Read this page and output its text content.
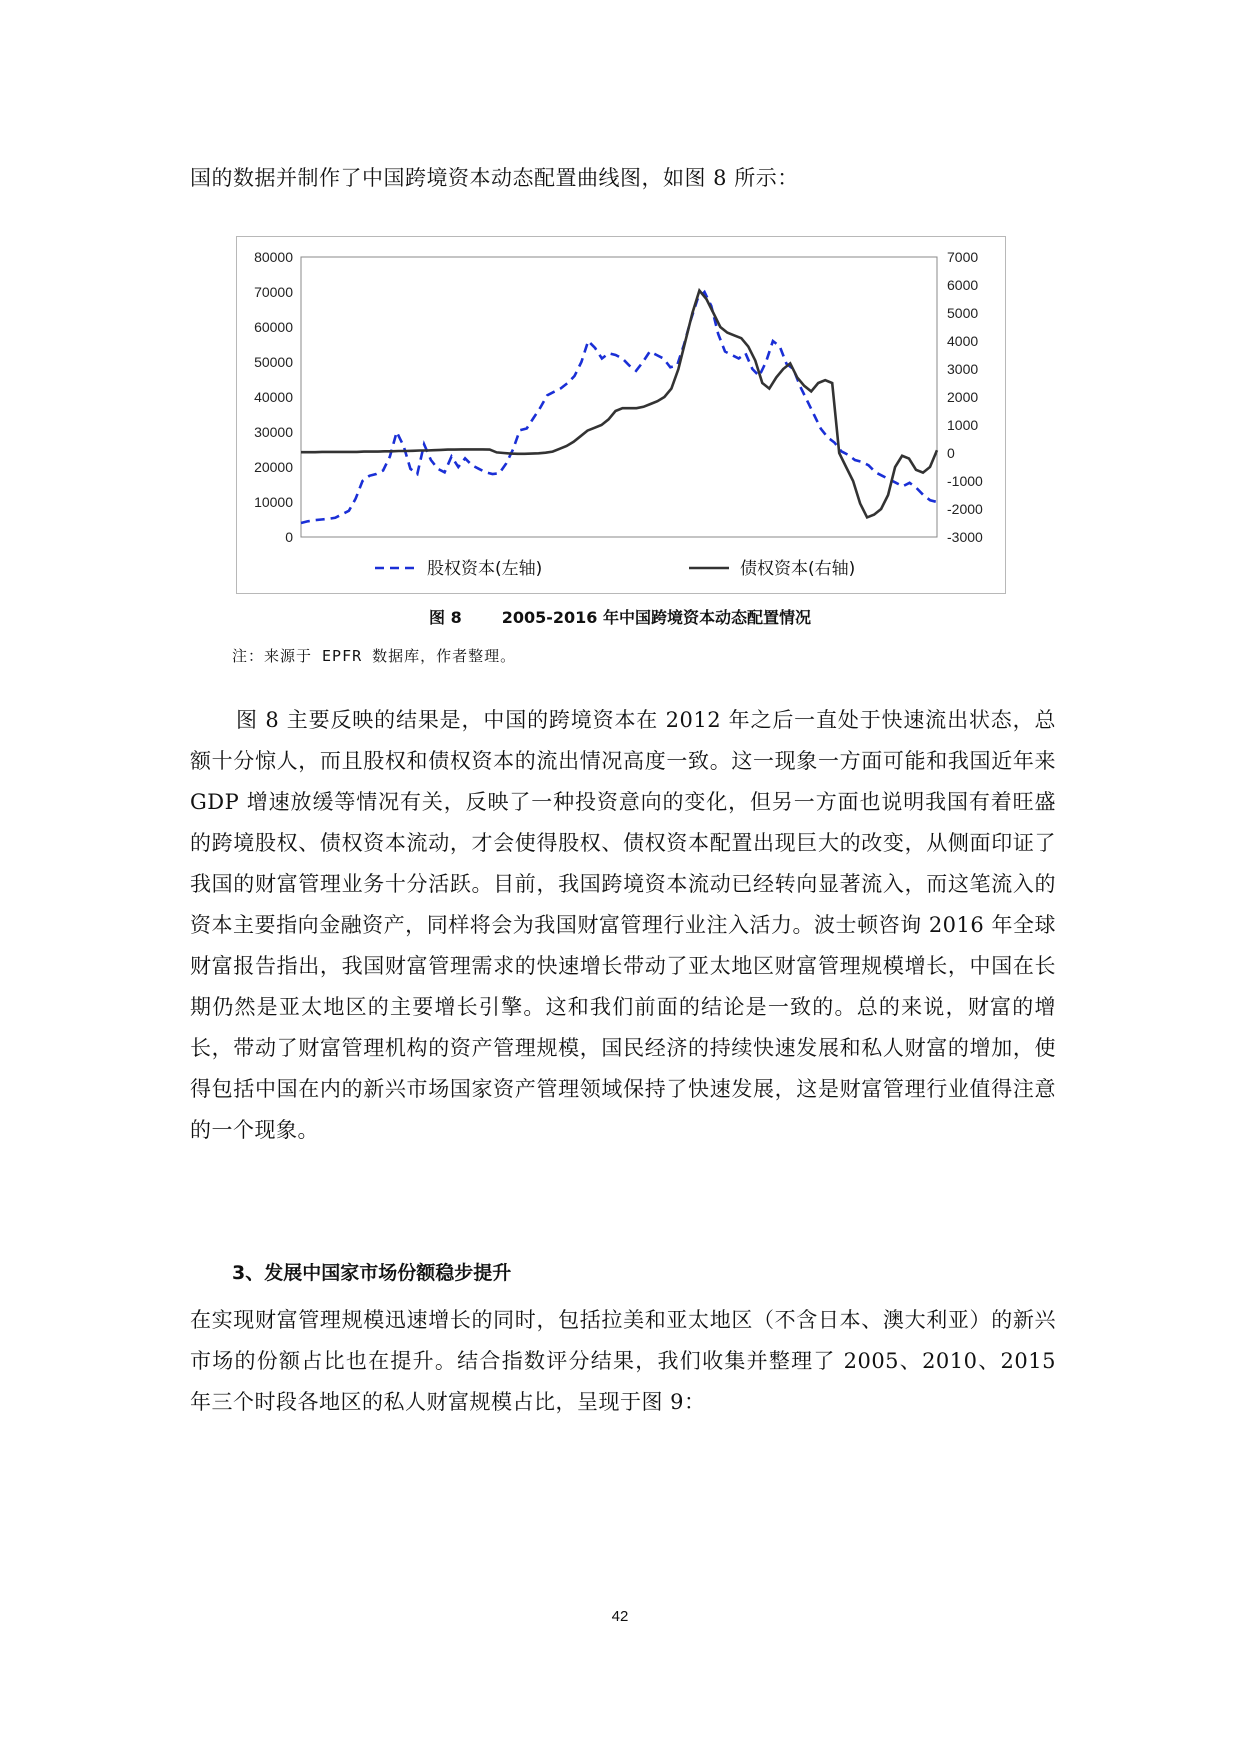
国的数据并制作了中国跨境资本动态配置曲线图，如图 8 所示：

0
10000
20000
30000
40000
50000
60000
70000
80000
-3000
-2000
-1000
0
1000
2000
3000
4000
5000
6000
7000
股权资本(左轴)	债权资本(右轴)
图 8	2005-2016 年中国跨境资本动态配置情况
注：来源于 EPFR 数据库，作者整理。

图 8 主要反映的结果是，中国的跨境资本在 2012 年之后一直处于快速流出状态，总额十分惊人，而且股权和债权资本的流出情况高度一致。这一现象一方面可能和我国近年来 GDP 增速放缓等情况有关，反映了一种投资意向的变化，但另一方面也说明我国有着旺盛的跨境股权、债权资本流动，才会使得股权、债权资本配置出现巨大的改变，从侧面印证了我国的财富管理业务十分活跃。目前，我国跨境资本流动已经转向显著流入，而这笔流入的资本主要指向金融资产，同样将会为我国财富管理行业注入活力。波士顿咨询 2016 年全球财富报告指出，我国财富管理需求的快速增长带动了亚太地区财富管理规模增长，中国在长期仍然是亚太地区的主要增长引擎。这和我们前面的结论是一致的。总的来说，财富的增长，带动了财富管理机构的资产管理规模，国民经济的持续快速发展和私人财富的增加，使得包括中国在内的新兴市场国家资产管理领域保持了快速发展，这是财富管理行业值得注意的一个现象。

3、发展中国家市场份额稳步提升

在实现财富管理规模迅速增长的同时，包括拉美和亚太地区（不含日本、澳大利亚）的新兴市场的份额占比也在提升。结合指数评分结果，我们收集并整理了 2005、2010、2015 年三个时段各地区的私人财富规模占比，呈现于图 9：

42
